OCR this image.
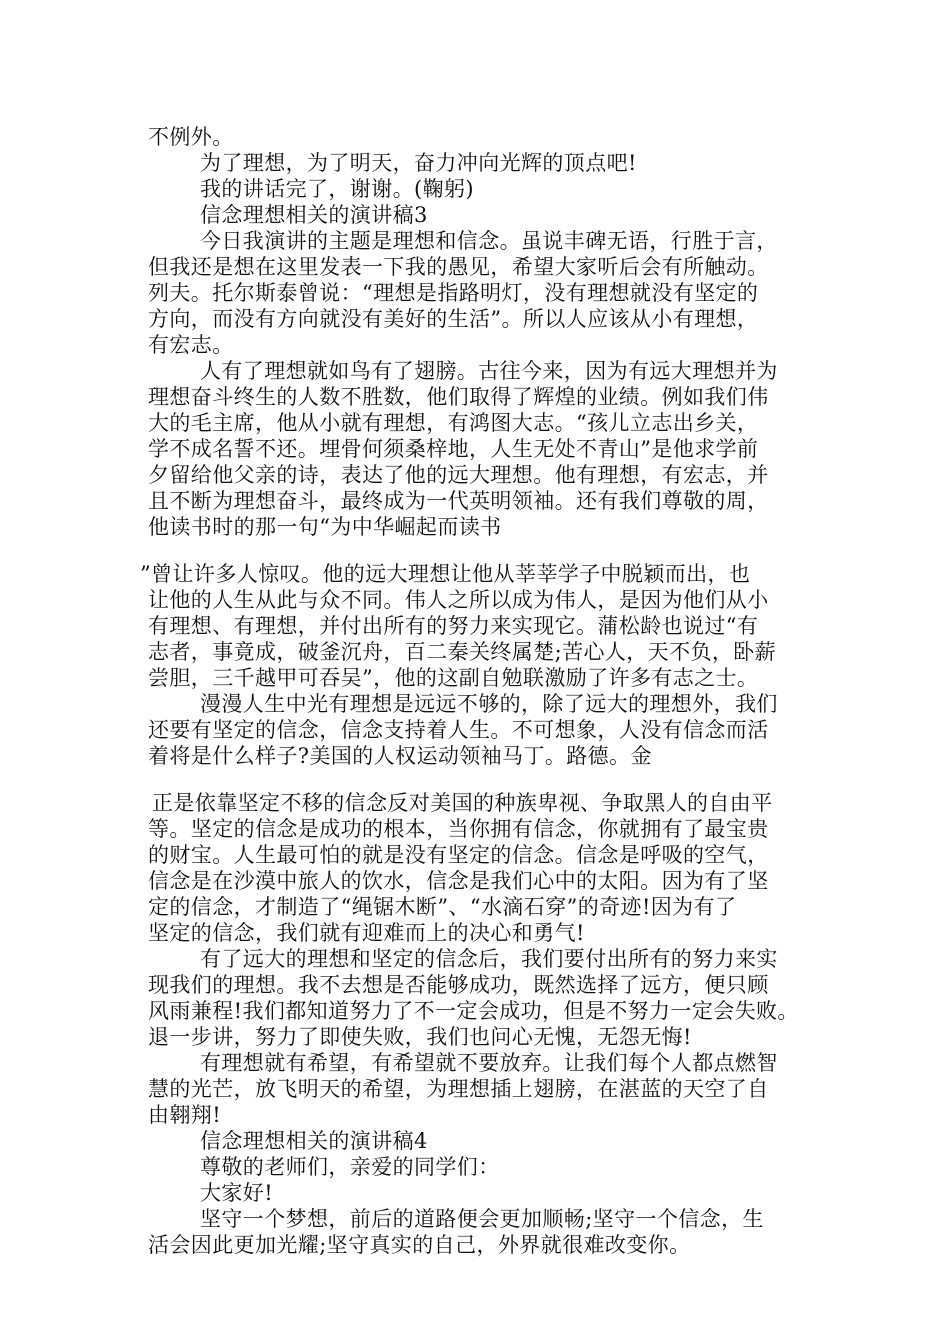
不例外。
为了理想，为了明天，奋力冲向光辉的顶点吧!
我的讲话完了，谢谢。(鞠躬)
信念理想相关的演讲稿3
今日我演讲的主题是理想和信念。虽说丰碑无语，行胜于言，
但我还是想在这里发表一下我的愚见，希望大家听后会有所触动。
列夫。托尔斯泰曾说：“理想是指路明灯，没有理想就没有坚定的
方向，而没有方向就没有美好的生活”。所以人应该从小有理想，
有宏志。
人有了理想就如鸟有了翅膀。古往今来，因为有远大理想并为
理想奋斗终生的人数不胜数，他们取得了辉煌的业绩。例如我们伟
大的毛主席，他从小就有理想，有鸿图大志。“孩儿立志出乡关，
学不成名誓不还。埋骨何须桑梓地，人生无处不青山”是他求学前
夕留给他父亲的诗，表达了他的远大理想。他有理想，有宏志，并
且不断为理想奋斗，最终成为一代英明领袖。还有我们尊敬的周，
他读书时的那一句“为中华崛起而读书
”曾让许多人惊叹。他的远大理想让他从莘莘学子中脱颖而出，也
让他的人生从此与众不同。伟人之所以成为伟人，是因为他们从小
有理想、有理想，并付出所有的努力来实现它。蒲松龄也说过“有
志者，事竟成，破釜沉舟，百二秦关终属楚;苦心人，天不负，卧薪
尝胆，三千越甲可吞吴”，他的这副自勉联激励了许多有志之士。
漫漫人生中光有理想是远远不够的，除了远大的理想外，我们
还要有坚定的信念，信念支持着人生。不可想象，人没有信念而活
着将是什么样子?美国的人权运动领袖马丁。路德。金
正是依靠坚定不移的信念反对美国的种族卑视、争取黑人的自由平
等。坚定的信念是成功的根本，当你拥有信念，你就拥有了最宝贵
的财宝。人生最可怕的就是没有坚定的信念。信念是呼吸的空气，
信念是在沙漠中旅人的饮水，信念是我们心中的太阳。因为有了坚
定的信念，才制造了“绳锯木断”、“水滴石穿”的奇迹!因为有了
坚定的信念，我们就有迎难而上的决心和勇气!
有了远大的理想和坚定的信念后，我们要付出所有的努力来实
现我们的理想。我不去想是否能够成功，既然选择了远方，便只顾
风雨兼程!我们都知道努力了不一定会成功，但是不努力一定会失败。
退一步讲，努力了即使失败，我们也问心无愧，无怨无悔!
有理想就有希望，有希望就不要放弃。让我们每个人都点燃智
慧的光芒，放飞明天的希望，为理想插上翅膀，在湛蓝的天空了自
由翱翔!
信念理想相关的演讲稿4
尊敬的老师们，亲爱的同学们：
大家好!
坚守一个梦想，前后的道路便会更加顺畅;坚守一个信念，生
活会因此更加光耀;坚守真实的自己，外界就很难改变你。
